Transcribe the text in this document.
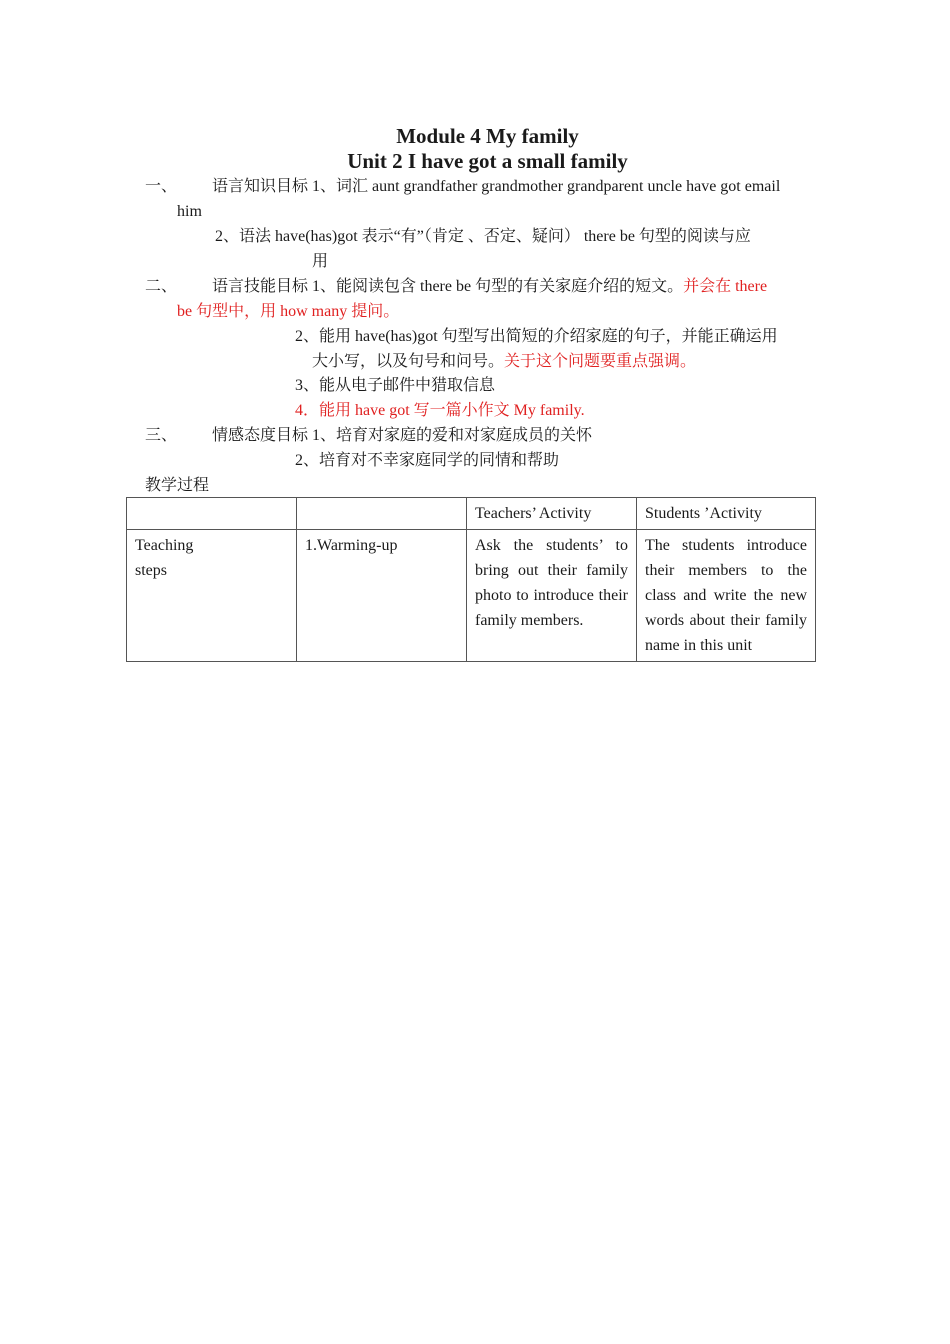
Module 4 My family
Unit 2 I have got a small family
一、 语言知识目标 1、词汇 aunt grandfather grandmother grandparent uncle have got email
him
2、语法 have(has)got 表示“有”（肯定 、否定、疑问） there be 句型的阅读与应
用
二、 语言技能目标 1、能阅读包含 there be 句型的有关家庭介绍的短文。并会在 there
be 句型中，用 how many 提问。
2、能用 have(has)got 句型写出简短的介绍家庭的句子，并能正确运用
大小写，以及句号和问号。关于这个问题要重点强调。
3、能从电子邮件中猎取信息
4．能用 have got 写一篇小作文 My family.
三、 情感态度目标 1、培育对家庭的爱和对家庭成员的关怀
2、培育对不幸家庭同学的同情和帮助
教学过程
		Teachers’ Activity	Students ’Activity

Teaching steps	1.Warming-up	Ask the students’ to bring out their family photo to introduce their family members.	The students introduce their members to the class and write the new words about their family name in this unit
